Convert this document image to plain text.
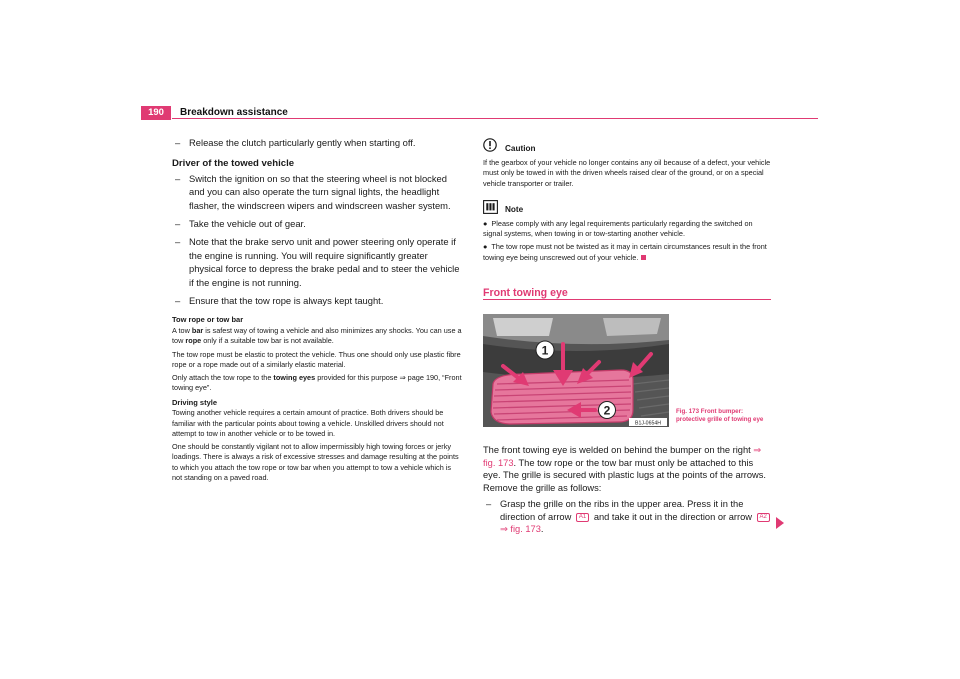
190	Breakdown assistance

– Release the clutch particularly gently when starting off.

Driver of the towed vehicle

– Switch the ignition on so that the steering wheel is not blocked and you can also operate the turn signal lights, the headlight flasher, the windscreen wipers and windscreen washer system.

– Take the vehicle out of gear.

– Note that the brake servo unit and power steering only operate if the engine is running. You will require significantly greater physical force to depress the brake pedal and to steer the vehicle if the engine is not running.

– Ensure that the tow rope is always kept taught.

Tow rope or tow bar

A tow bar is safest way of towing a vehicle and also minimizes any shocks. You can use a tow rope only if a suitable tow bar is not available.

The tow rope must be elastic to protect the vehicle. Thus one should only use plastic fibre rope or a rope made out of a similarly elastic material.

Only attach the tow rope to the towing eyes provided for this purpose ⇒ page 190, “Front towing eye”.

Driving style

Towing another vehicle requires a certain amount of practice. Both drivers should be familiar with the particular points about towing a vehicle. Unskilled drivers should not attempt to tow in another vehicle or to be towed in.

One should be constantly vigilant not to allow impermissibly high towing forces or jerky loadings. There is always a risk of excessive stresses and damage resulting at the points to which you attach the tow rope or tow bar when you attempt to tow a vehicle which is not standing on a paved road.

Caution

If the gearbox of your vehicle no longer contains any oil because of a defect, your vehicle must only be towed in with the driven wheels raised clear of the ground, or on a special vehicle transporter or trailer.

Note

● Please comply with any legal requirements particularly regarding the switched on signal systems, when towing in or tow-starting another vehicle.

● The tow rope must not be twisted as it may in certain circumstances result in the front towing eye being unscrewed out of your vehicle.

Front towing eye
1
2
B1J-0654H
Fig. 173 Front bumper:
protective grille of towing eye

The front towing eye is welded on behind the bumper on the right ⇒ fig. 173. The tow rope or the tow bar must only be attached to this eye. The grille is secured with plastic lugs at the points of the arrows. Remove the grille as follows:

– Grasp the grille on the ribs in the upper area. Press it in the direction of arrow A1 and take it out in the direction or arrow A2⇒ fig. 173.
